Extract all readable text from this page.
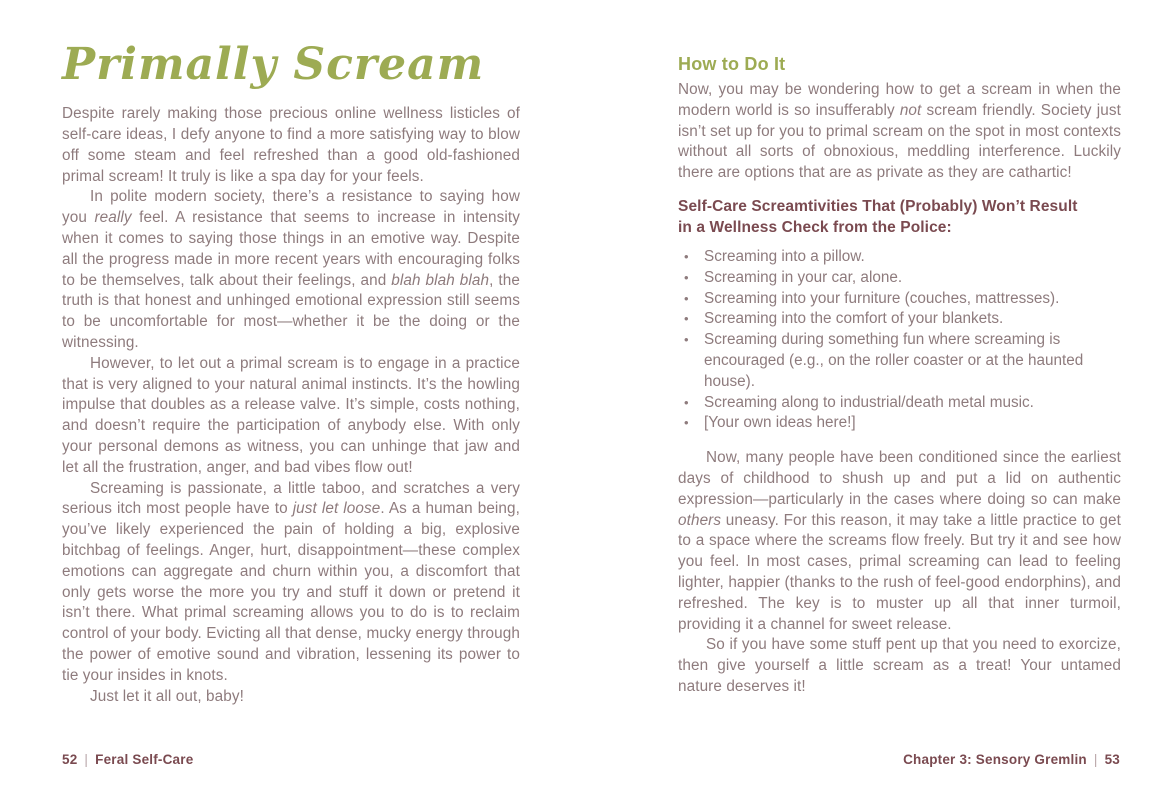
Primally Scream

Despite rarely making those precious online wellness listicles of self-care ideas, I defy anyone to find a more satisfying way to blow off some steam and feel refreshed than a good old-fashioned primal scream! It truly is like a spa day for your feels.

In polite modern society, there’s a resistance to saying how you really feel. A resistance that seems to increase in intensity when it comes to saying those things in an emotive way. Despite all the progress made in more recent years with encouraging folks to be themselves, talk about their feelings, and blah blah blah, the truth is that honest and unhinged emotional expression still seems to be uncomfortable for most—whether it be the doing or the witnessing.

However, to let out a primal scream is to engage in a practice that is very aligned to your natural animal instincts. It’s the howling impulse that doubles as a release valve. It’s simple, costs nothing, and doesn’t require the participation of anybody else. With only your personal demons as witness, you can unhinge that jaw and let all the frustration, anger, and bad vibes flow out!

Screaming is passionate, a little taboo, and scratches a very serious itch most people have to just let loose. As a human being, you’ve likely experienced the pain of holding a big, explosive bitchbag of feelings. Anger, hurt, disappointment—these complex emotions can aggregate and churn within you, a discomfort that only gets worse the more you try and stuff it down or pretend it isn’t there. What primal screaming allows you to do is to reclaim control of your body. Evicting all that dense, mucky energy through the power of emotive sound and vibration, lessening its power to tie your insides in knots.

Just let it all out, baby!

How to Do It

Now, you may be wondering how to get a scream in when the modern world is so insufferably not scream friendly. Society just isn’t set up for you to primal scream on the spot in most contexts without all sorts of obnoxious, meddling interference. Luckily there are options that are as private as they are cathartic!

Self-Care Screamtivities That (Probably) Won’t Result
in a Wellness Check from the Police:
•	Screaming into a pillow.
•	Screaming in your car, alone.
•	Screaming into your furniture (couches, mattresses).
•	Screaming into the comfort of your blankets.
•	Screaming during something fun where screaming is encouraged (e.g., on the roller coaster or at the haunted house).
•	Screaming along to industrial/death metal music.
•	[Your own ideas here!]

Now, many people have been conditioned since the earliest days of childhood to shush up and put a lid on authentic expression—particularly in the cases where doing so can make others uneasy. For this reason, it may take a little practice to get to a space where the screams flow freely. But try it and see how you feel. In most cases, primal screaming can lead to feeling lighter, happier (thanks to the rush of feel-good endorphins), and refreshed. The key is to muster up all that inner turmoil, providing it a channel for sweet release.

So if you have some stuff pent up that you need to exorcize, then give yourself a little scream as a treat! Your untamed nature deserves it!

52 | Feral Self-Care	Chapter 3: Sensory Gremlin | 53
